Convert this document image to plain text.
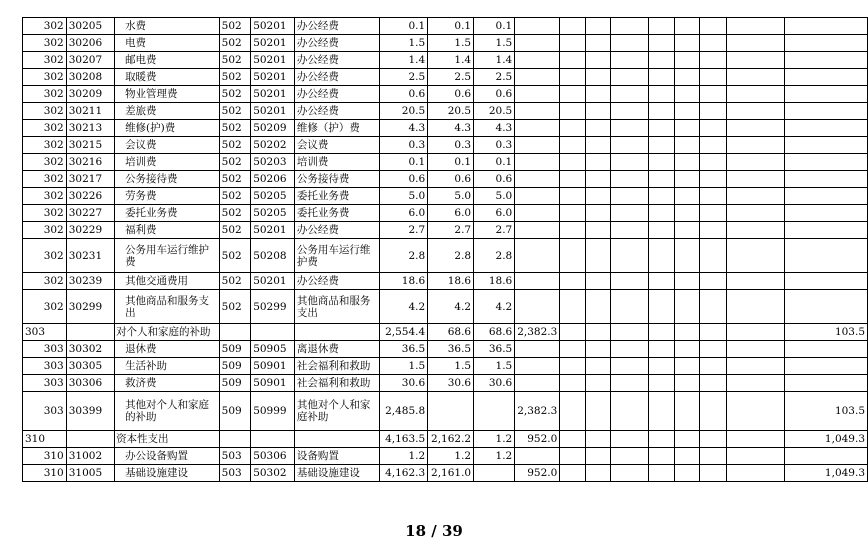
302	30205	水费	502	50201	办公经费	0.1	0.1	0.1									
302	30206	电费	502	50201	办公经费	1.5	1.5	1.5									
302	30207	邮电费	502	50201	办公经费	1.4	1.4	1.4									
302	30208	取暖费	502	50201	办公经费	2.5	2.5	2.5									
302	30209	物业管理费	502	50201	办公经费	0.6	0.6	0.6									
302	30211	差旅费	502	50201	办公经费	20.5	20.5	20.5									
302	30213	维修(护)费	502	50209	维修（护）费	4.3	4.3	4.3									
302	30215	会议费	502	50202	会议费	0.3	0.3	0.3									
302	30216	培训费	502	50203	培训费	0.1	0.1	0.1									
302	30217	公务接待费	502	50206	公务接待费	0.6	0.6	0.6									
302	30226	劳务费	502	50205	委托业务费	5.0	5.0	5.0									
302	30227	委托业务费	502	50205	委托业务费	6.0	6.0	6.0									
302	30229	福利费	502	50201	办公经费	2.7	2.7	2.7									
302	30231	公务用车运行维护费	502	50208	公务用车运行维护费	2.8	2.8	2.8									
302	30239	其他交通费用	502	50201	办公经费	18.6	18.6	18.6									
302	30299	其他商品和服务支出	502	50299	其他商品和服务支出	4.2	4.2	4.2									
303		对个人和家庭的补助				2,554.4	68.6	68.6	2,382.3								103.5
303	30302	退休费	509	50905	离退休费	36.5	36.5	36.5									
303	30305	生活补助	509	50901	社会福利和救助	1.5	1.5	1.5									
303	30306	救济费	509	50901	社会福利和救助	30.6	30.6	30.6									
303	30399	其他对个人和家庭的补助	509	50999	其他对个人和家庭补助	2,485.8			2,382.3								103.5
310		资本性支出				4,163.5	2,162.2	1.2	952.0								1,049.3
310	31002	办公设备购置	503	50306	设备购置	1.2	1.2	1.2									
310	31005	基础设施建设	503	50302	基础设施建设	4,162.3	2,161.0		952.0								1,049.3
18 / 39
